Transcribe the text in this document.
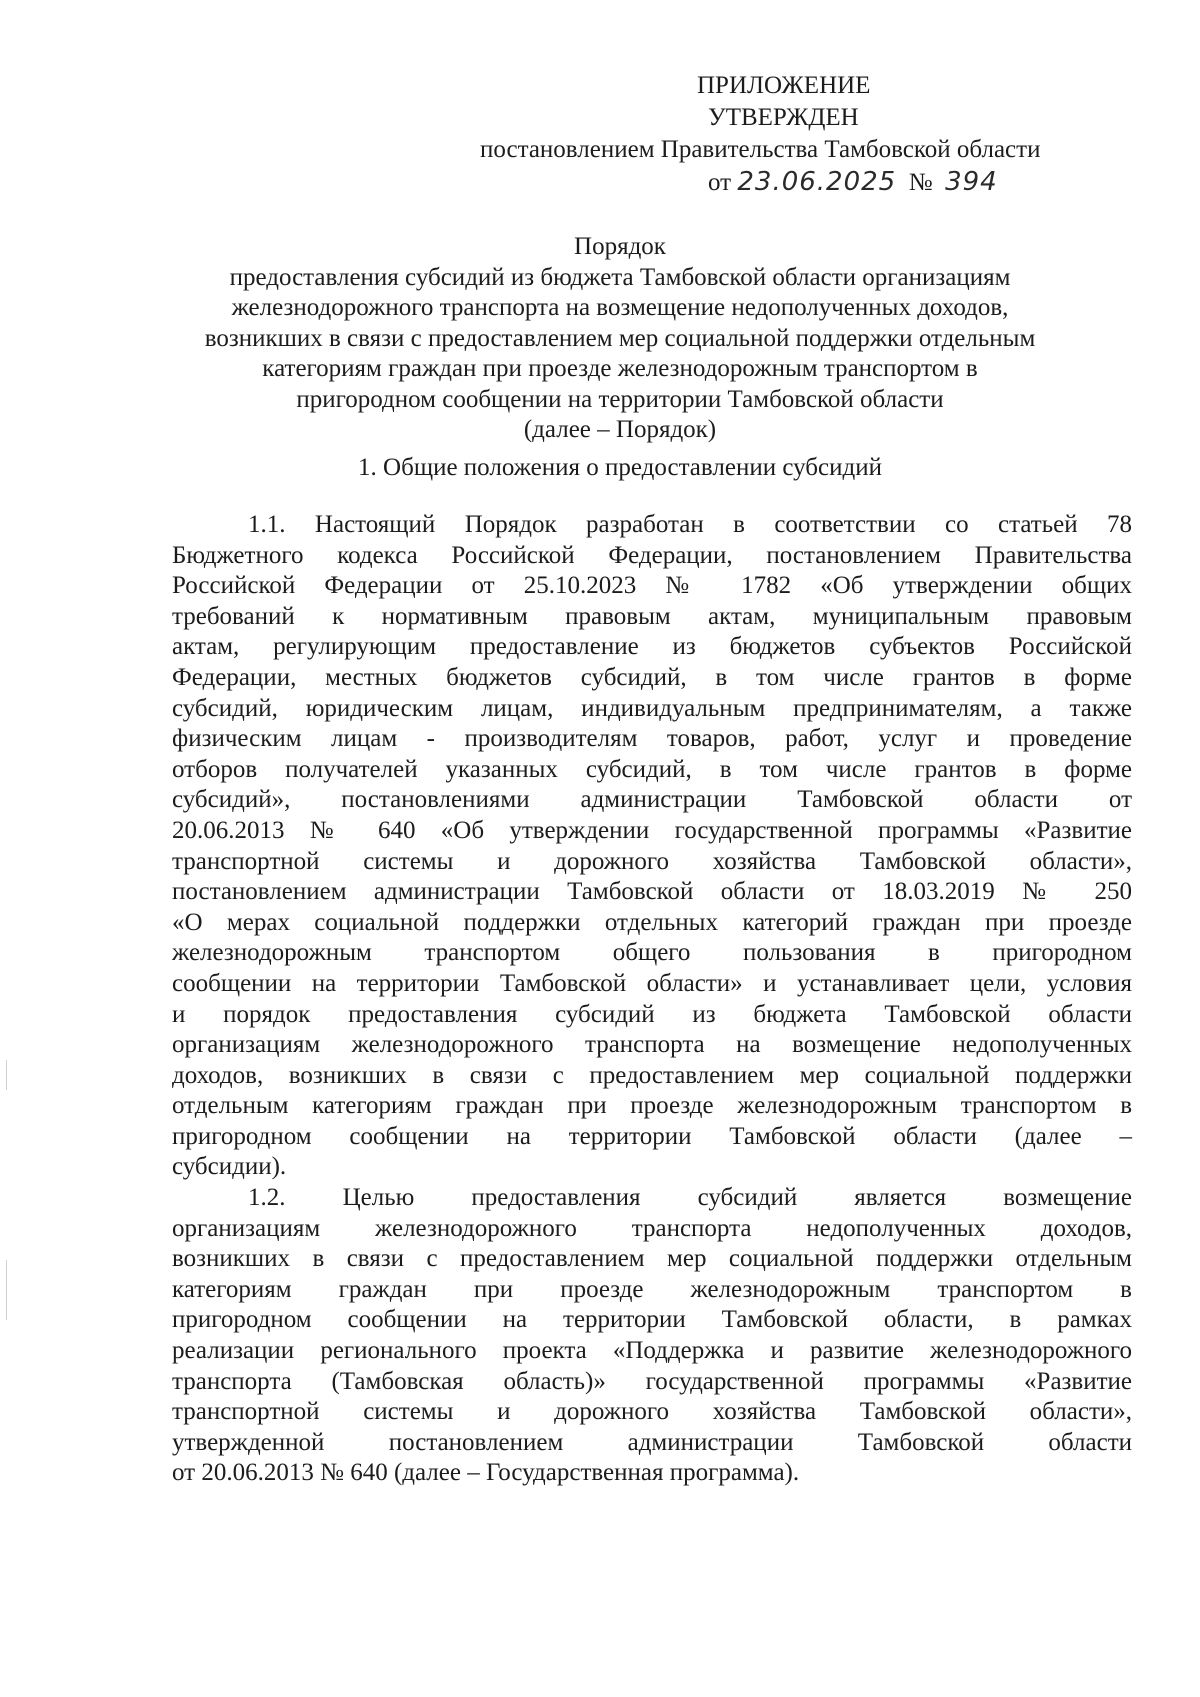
ПРИЛОЖЕНИЕ
УТВЕРЖДЕН
постановлением Правительства Тамбовской области
от 23.06.2025 № 394
Порядок
предоставления субсидий из бюджета Тамбовской области организациям
железнодорожного транспорта на возмещение недополученных доходов,
возникших в связи с предоставлением мер социальной поддержки отдельным
категориям граждан при проезде железнодорожным транспортом в
пригородном сообщении на территории Тамбовской области
(далее – Порядок)
1. Общие положения о предоставлении субсидий
1.1. Настоящий Порядок разработан в соответствии со статьей 78
Бюджетного кодекса Российской Федерации, постановлением Правительства
Российской Федерации от 25.10.2023 № 1782 «Об утверждении общих
требований к нормативным правовым актам, муниципальным правовым
актам, регулирующим предоставление из бюджетов субъектов Российской
Федерации, местных бюджетов субсидий, в том числе грантов в форме
субсидий, юридическим лицам, индивидуальным предпринимателям, а также
физическим лицам - производителям товаров, работ, услуг и проведение
отборов получателей указанных субсидий, в том числе грантов в форме
субсидий», постановлениями администрации Тамбовской области от
20.06.2013 № 640 «Об утверждении государственной программы «Развитие
транспортной системы и дорожного хозяйства Тамбовской области»,
постановлением администрации Тамбовской области от 18.03.2019 № 250
«О мерах социальной поддержки отдельных категорий граждан при проезде
железнодорожным транспортом общего пользования в пригородном
сообщении на территории Тамбовской области» и устанавливает цели, условия
и порядок предоставления субсидий из бюджета Тамбовской области
организациям железнодорожного транспорта на возмещение недополученных
доходов, возникших в связи с предоставлением мер социальной поддержки
отдельным категориям граждан при проезде железнодорожным транспортом в
пригородном сообщении на территории Тамбовской области (далее –
субсидии).
1.2. Целью предоставления субсидий является возмещение
организациям железнодорожного транспорта недополученных доходов,
возникших в связи с предоставлением мер социальной поддержки отдельным
категориям граждан при проезде железнодорожным транспортом в
пригородном сообщении на территории Тамбовской области, в рамках
реализации регионального проекта «Поддержка и развитие железнодорожного
транспорта (Тамбовская область)» государственной программы «Развитие
транспортной системы и дорожного хозяйства Тамбовской области»,
утвержденной постановлением администрации Тамбовской области
от 20.06.2013 № 640 (далее – Государственная программа).
